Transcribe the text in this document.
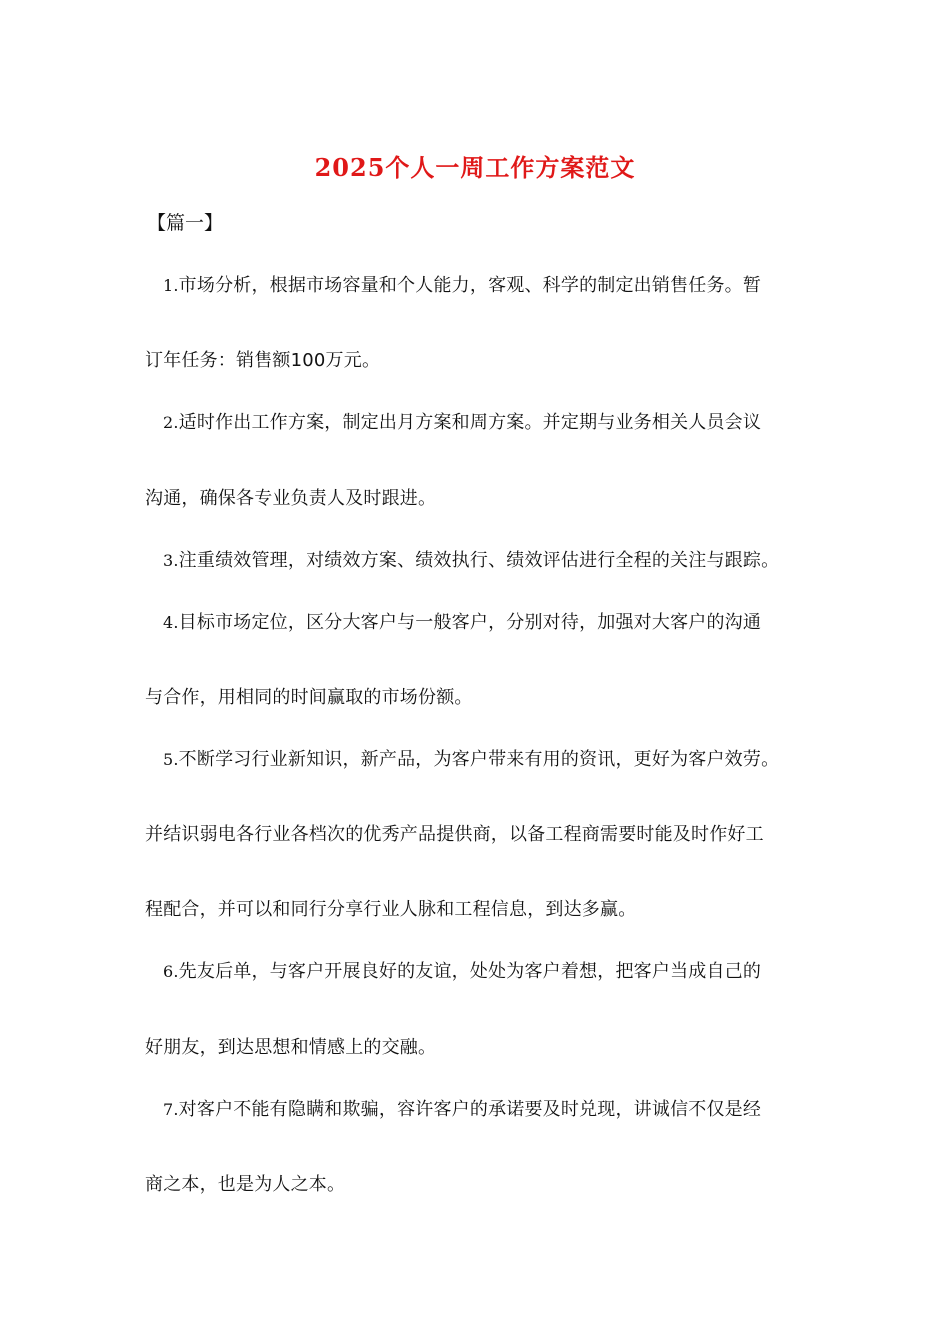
2025个人一周工作方案范文
【篇一】
1.市场分析，根据市场容量和个人能力，客观、科学的制定出销售任务。暂
订年任务：销售额100万元。
2.适时作出工作方案，制定出月方案和周方案。并定期与业务相关人员会议
沟通，确保各专业负责人及时跟进。
3.注重绩效管理，对绩效方案、绩效执行、绩效评估进行全程的关注与跟踪。
4.目标市场定位，区分大客户与一般客户，分别对待，加强对大客户的沟通
与合作，用相同的时间赢取的市场份额。
5.不断学习行业新知识，新产品，为客户带来有用的资讯，更好为客户效劳。
并结识弱电各行业各档次的优秀产品提供商，以备工程商需要时能及时作好工
程配合，并可以和同行分享行业人脉和工程信息，到达多赢。
6.先友后单，与客户开展良好的友谊，处处为客户着想，把客户当成自己的
好朋友，到达思想和情感上的交融。
7.对客户不能有隐瞒和欺骗，容许客户的承诺要及时兑现，讲诚信不仅是经
商之本，也是为人之本。
